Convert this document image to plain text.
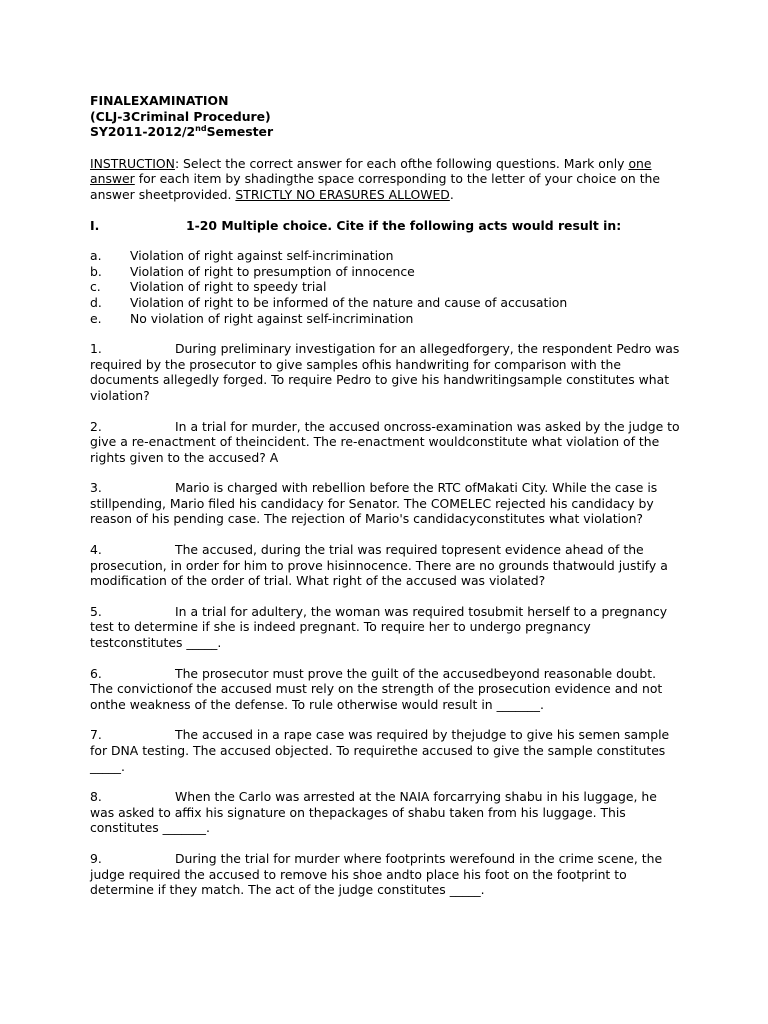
FINALEXAMINATION
(CLJ-3Criminal Procedure)
SY2011-2012/2ndSemester
INSTRUCTION: Select the correct answer for each ofthe following questions. Mark only one answer for each item by shadingthe space corresponding to the letter of your choice on the answer sheetprovided. STRICTLY NO ERASURES ALLOWED.
I.	1-20 Multiple choice. Cite if the following acts would result in:
a.	Violation of right against self-incrimination
b.	Violation of right to presumption of innocence
c.	Violation of right to speedy trial
d.	Violation of right to be informed of the nature and cause of accusation
e.	No violation of right against self-incrimination
1.	During preliminary investigation for an allegedforgery, the respondent Pedro was required by the prosecutor to give samples ofhis handwriting for comparison with the documents allegedly forged. To require Pedro to give his handwritingsample constitutes what violation?
2.	In a trial for murder, the accused oncross-examination was asked by the judge to give a re-enactment of theincident. The re-enactment wouldconstitute what violation of the rights given to the accused? A
3.	Mario is charged with rebellion before the RTC ofMakati City. While the case is stillpending, Mario filed his candidacy for Senator. The COMELEC rejected his candidacy by reason of his pending case. The rejection of Mario's candidacyconstitutes what violation?
4.	The accused, during the trial was required topresent evidence ahead of the prosecution, in order for him to prove hisinnocence. There are no grounds thatwould justify a modification of the order of trial. What right of the accused was violated?
5.	In a trial for adultery, the woman was required tosubmit herself to a pregnancy test to determine if she is indeed pregnant. To require her to undergo pregnancy testconstitutes _____.
6.	The prosecutor must prove the guilt of the accusedbeyond reasonable doubt. The convictionof the accused must rely on the strength of the prosecution evidence and not onthe weakness of the defense. To rule otherwise would result in _______.
7.	The accused in a rape case was required by thejudge to give his semen sample for DNA testing. The accused objected. To requirethe accused to give the sample constitutes _____.
8.	When the Carlo was arrested at the NAIA forcarrying shabu in his luggage, he was asked to affix his signature on thepackages of shabu taken from his luggage. This constitutes _______.
9.	During the trial for murder where footprints werefound in the crime scene, the judge required the accused to remove his shoe andto place his foot on the footprint to determine if they match. The act of the judge constitutes _____.
